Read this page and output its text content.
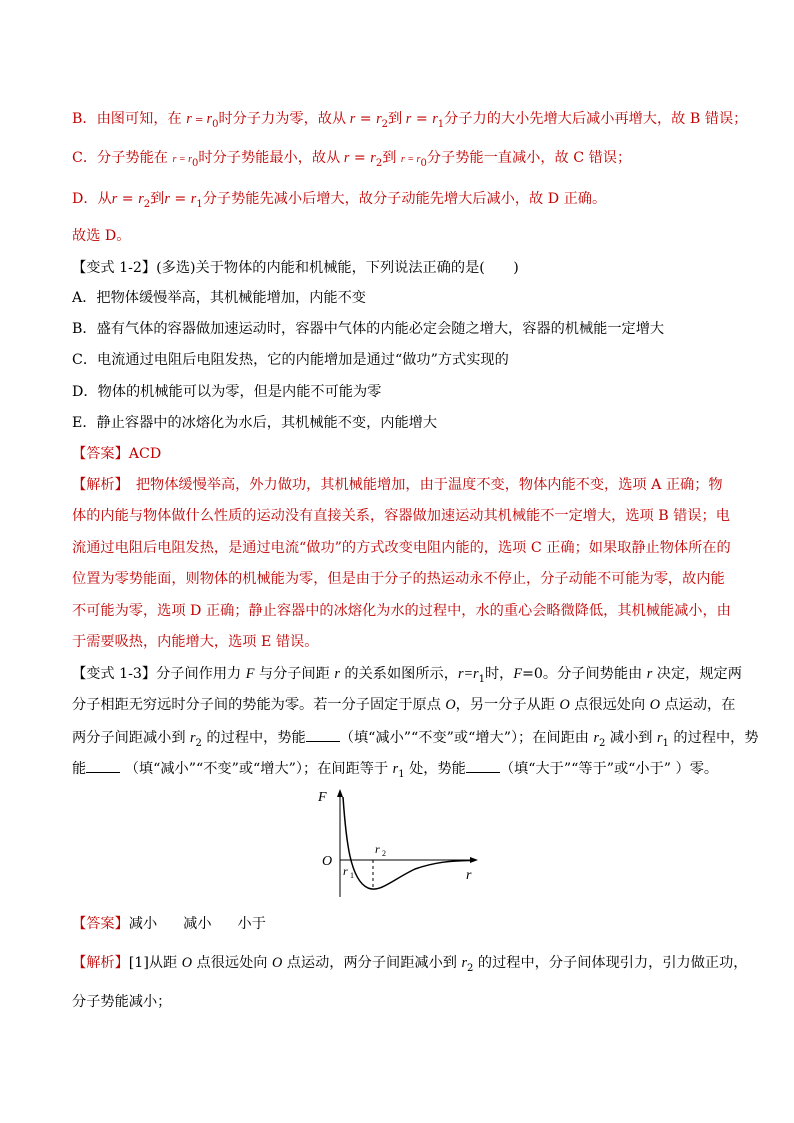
B．由图可知，在 $r = r_0$时分子力为零，故从 $r = r_2$到 $r = r_1$分子力的大小先增大后减小再增大，故 B 错误；
C．分子势能在 $r = r_0$时分子势能最小，故从 $r = r_2$到 $r = r_0$分子势能一直减小，故 C 错误；
D．从$r = r_2$到$r = r_1$分子势能先减小后增大，故分子动能先增大后减小，故 D 正确。
故选 D。
【变式 1-2】(多选)关于物体的内能和机械能，下列说法正确的是(　　)
A．把物体缓慢举高，其机械能增加，内能不变
B．盛有气体的容器做加速运动时，容器中气体的内能必定会随之增大，容器的机械能一定增大
C．电流通过电阻后电阻发热，它的内能增加是通过“做功”方式实现的
D．物体的机械能可以为零，但是内能不可能为零
E．静止容器中的冰熔化为水后，其机械能不变，内能增大
【答案】ACD
【解析】　把物体缓慢举高，外力做功，其机械能增加，由于温度不变，物体内能不变，选项 A 正确；物
体的内能与物体做什么性质的运动没有直接关系，容器做加速运动其机械能不一定增大，选项 B 错误；电
流通过电阻后电阻发热，是通过电流“做功”的方式改变电阻内能的，选项 C 正确；如果取静止物体所在的
位置为零势能面，则物体的机械能为零，但是由于分子的热运动永不停止，分子动能不可能为零，故内能
不可能为零，选项 D 正确；静止容器中的冰熔化为水的过程中，水的重心会略微降低，其机械能减小，由
于需要吸热，内能增大，选项 E 错误。
【变式 1-3】分子间作用力 F 与分子间距 r 的关系如图所示，$r=r_1$时，F=0。分子间势能由 r 决定，规定两
分子相距无穷远时分子间的势能为零。若一分子固定于原点 O，另一分子从距 O 点很远处向 O 点运动，在
两分子间距减小到 $r_2$ 的过程中，势能 （填“减小”“不变”或“增大”）；在间距由 $r_2$ 减小到 $r_1$ 的过程中，势
能 （填“减小”“不变”或“增大”）；在间距等于 $r_1$ 处，势能 （填“大于”“等于”或“小于” ）零。
F
O
r
r 1
r 2
【答案】减小 减小 小于
【解析】[1]从距 O 点很远处向 O 点运动，两分子间距减小到 $r_2$ 的过程中，分子间体现引力，引力做正功，
分子势能减小；
